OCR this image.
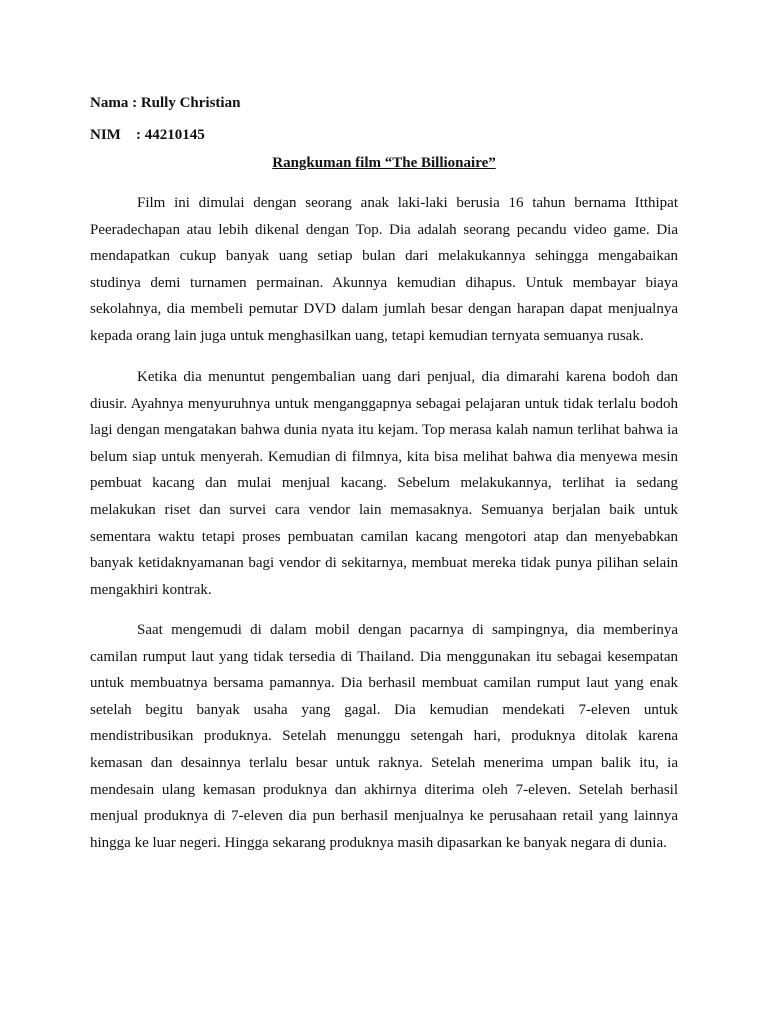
Nama : Rully Christian
NIM : 44210145
Rangkuman film “The Billionaire”

Film ini dimulai dengan seorang anak laki-laki berusia 16 tahun bernama Itthipat Peeradechapan atau lebih dikenal dengan Top. Dia adalah seorang pecandu video game. Dia mendapatkan cukup banyak uang setiap bulan dari melakukannya sehingga mengabaikan studinya demi turnamen permainan. Akunnya kemudian dihapus. Untuk membayar biaya sekolahnya, dia membeli pemutar DVD dalam jumlah besar dengan harapan dapat menjualnya kepada orang lain juga untuk menghasilkan uang, tetapi kemudian ternyata semuanya rusak.

Ketika dia menuntut pengembalian uang dari penjual, dia dimarahi karena bodoh dan diusir. Ayahnya menyuruhnya untuk menganggapnya sebagai pelajaran untuk tidak terlalu bodoh lagi dengan mengatakan bahwa dunia nyata itu kejam. Top merasa kalah namun terlihat bahwa ia belum siap untuk menyerah. Kemudian di filmnya, kita bisa melihat bahwa dia menyewa mesin pembuat kacang dan mulai menjual kacang. Sebelum melakukannya, terlihat ia sedang melakukan riset dan survei cara vendor lain memasaknya. Semuanya berjalan baik untuk sementara waktu tetapi proses pembuatan camilan kacang mengotori atap dan menyebabkan banyak ketidaknyamanan bagi vendor di sekitarnya, membuat mereka tidak punya pilihan selain mengakhiri kontrak.

Saat mengemudi di dalam mobil dengan pacarnya di sampingnya, dia memberinya camilan rumput laut yang tidak tersedia di Thailand. Dia menggunakan itu sebagai kesempatan untuk membuatnya bersama pamannya. Dia berhasil membuat camilan rumput laut yang enak setelah begitu banyak usaha yang gagal. Dia kemudian mendekati 7-eleven untuk mendistribusikan produknya. Setelah menunggu setengah hari, produknya ditolak karena kemasan dan desainnya terlalu besar untuk raknya. Setelah menerima umpan balik itu, ia mendesain ulang kemasan produknya dan akhirnya diterima oleh 7-eleven. Setelah berhasil menjual produknya di 7-eleven dia pun berhasil menjualnya ke perusahaan retail yang lainnya hingga ke luar negeri. Hingga sekarang produknya masih dipasarkan ke banyak negara di dunia.
